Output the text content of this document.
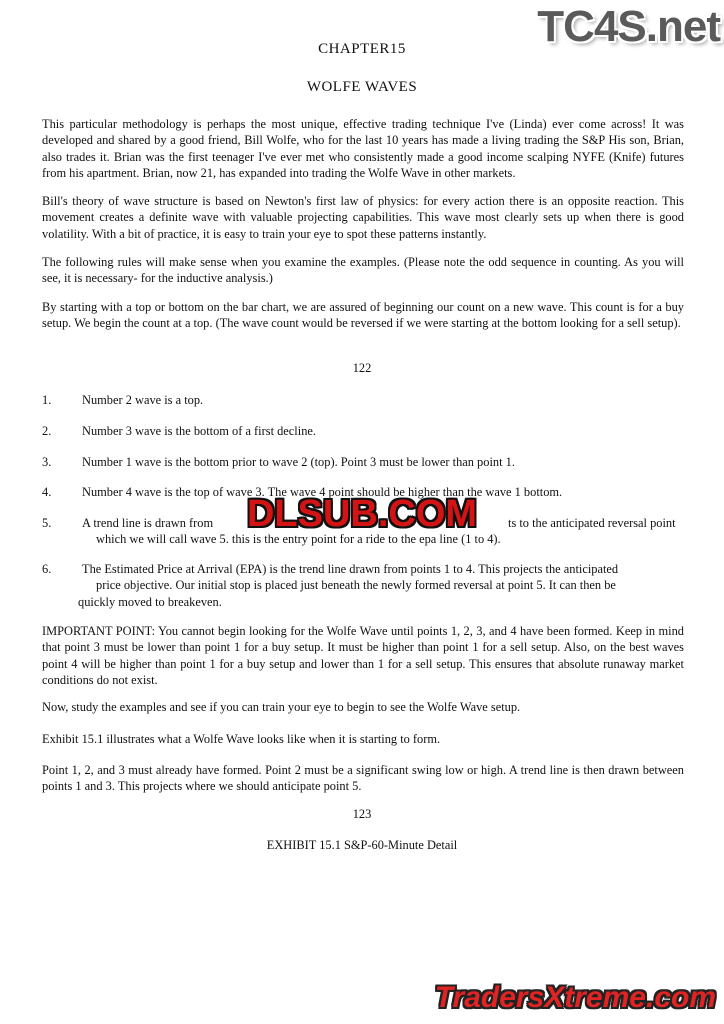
TC4S.net
CHAPTER15
WOLFE WAVES

This particular methodology is perhaps the most unique, effective trading technique I've (Linda) ever come across! It was developed and shared by a good friend, Bill Wolfe, who for the last 10 years has made a living trading the S&P His son, Brian, also trades it. Brian was the first teenager I've ever met who consistently made a good income scalping NYFE (Knife) futures from his apartment. Brian, now 21, has expanded into trading the Wolfe Wave in other markets.

Bill's theory of wave structure is based on Newton's first law of physics: for every action there is an opposite reaction. This movement creates a definite wave with valuable projecting capabilities. This wave most clearly sets up when there is good volatility. With a bit of practice, it is easy to train your eye to spot these patterns instantly.

The following rules will make sense when you examine the examples. (Please note the odd sequence in counting. As you will see, it is necessary- for the inductive analysis.)

By starting with a top or bottom on the bar chart, we are assured of beginning our count on a new wave. This count is for a buy setup. We begin the count at a top. (The wave count would be reversed if we were starting at the bottom looking for a sell setup).

122
1. Number 2 wave is a top.
2. Number 3 wave is the bottom of a first decline.
3. Number 1 wave is the bottom prior to wave 2 (top). Point 3 must be lower than point 1.
4. Number 4 wave is the top of wave 3. The wave 4 point should be higher than the wave 1 bottom.
5. A trend line is drawn from	ts to the anticipated reversal point
which we will call wave 5. this is the entry point for a ride to the epa line (1 to 4).
6. The Estimated Price at Arrival (EPA) is the trend line drawn from points 1 to 4. This projects the anticipated
price objective. Our initial stop is placed just beneath the newly formed reversal at point 5. It can then be
quickly moved to breakeven.
DLSUB.COM

IMPORTANT POINT: You cannot begin looking for the Wolfe Wave until points 1, 2, 3, and 4 have been formed. Keep in mind that point 3 must be lower than point 1 for a buy setup. It must be higher than point 1 for a sell setup. Also, on the best waves point 4 will be higher than point 1 for a buy setup and lower than 1 for a sell setup. This ensures that absolute runaway market conditions do not exist.

Now, study the examples and see if you can train your eye to begin to see the Wolfe Wave setup.

Exhibit 15.1 illustrates what a Wolfe Wave looks like when it is starting to form.

Point 1, 2, and 3 must already have formed. Point 2 must be a significant swing low or high. A trend line is then drawn between points 1 and 3. This projects where we should anticipate point 5.

123
EXHIBIT 15.1 S&P-60-Minute Detail
TradersXtreme.com
